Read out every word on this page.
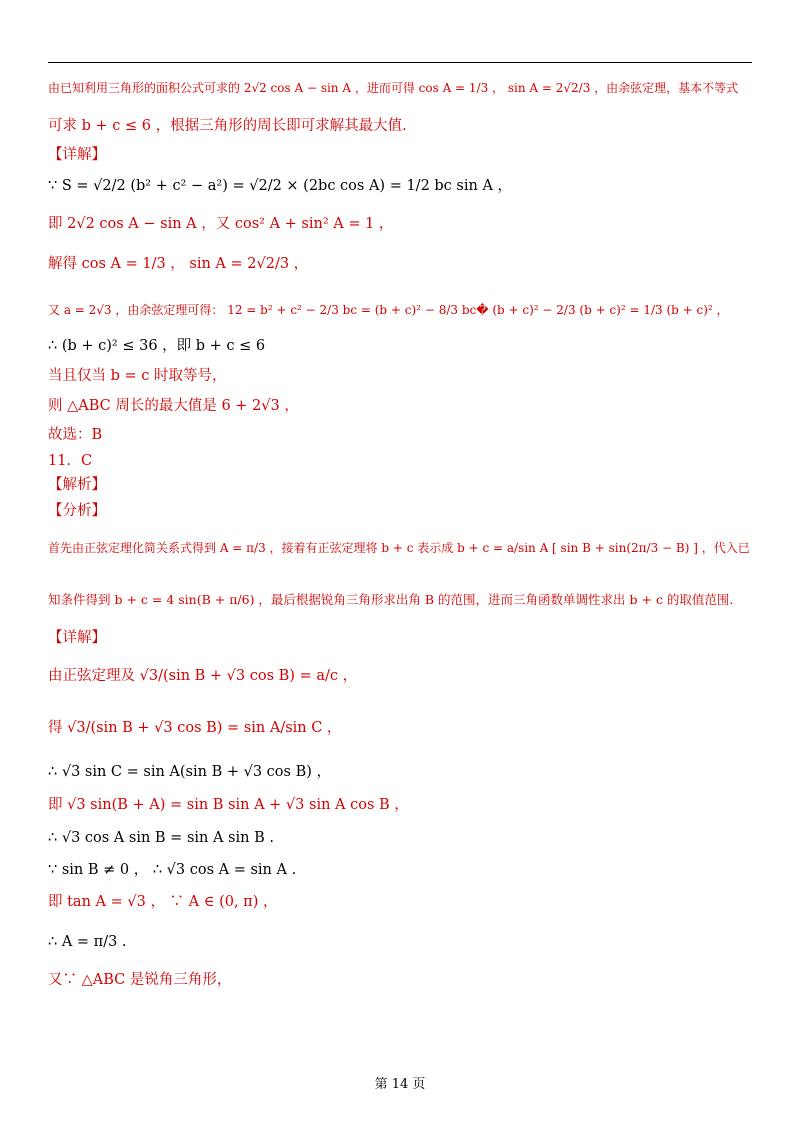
由已知利用三角形的面积公式可求的 2√2 cos A − sin A ，进而可得 cos A = 1/3 ， sin A = 2√2/3 ，由余弦定理，基本不等式
可求 b + c ≤ 6 ，根据三角形的周长即可求解其最大值.
【详解】
∵ S = √2/2 (b² + c² − a²) = √2/2 × (2bc cos A) = 1/2 bc sin A ，
即 2√2 cos A − sin A ，又 cos² A + sin² A = 1 ，
解得 cos A = 1/3 ， sin A = 2√2/3 ，
又 a = 2√3 ，由余弦定理可得： 12 = b² + c² − 2/3 bc = (b + c)² − 8/3 bc� (b + c)² − 2/3 (b + c)² = 1/3 (b + c)² ，
∴ (b + c)² ≤ 36 ，即 b + c ≤ 6
当且仅当 b = c 时取等号，
则 △ABC 周长的最大值是 6 + 2√3 ，
故选：B
11．C
【解析】
【分析】
首先由正弦定理化简关系式得到 A = π/3 ，接着有正弦定理将 b + c 表示成 b + c = a/sin A [ sin B + sin(2π/3 − B) ] ，代入已
知条件得到 b + c = 4 sin(B + π/6) ，最后根据锐角三角形求出角 B 的范围，进而三角函数单调性求出 b + c 的取值范围.
【详解】
由正弦定理及 √3/(sin B + √3 cos B) = a/c ，
得 √3/(sin B + √3 cos B) = sin A/sin C ，
∴ √3 sin C = sin A(sin B + √3 cos B) ，
即 √3 sin(B + A) = sin B sin A + √3 sin A cos B ，
∴ √3 cos A sin B = sin A sin B .
∵ sin B ≠ 0 ， ∴ √3 cos A = sin A .
即 tan A = √3 ， ∵ A ∈ (0, π) ，
∴ A = π/3 .
又∵ △ABC 是锐角三角形，
第 14 页
